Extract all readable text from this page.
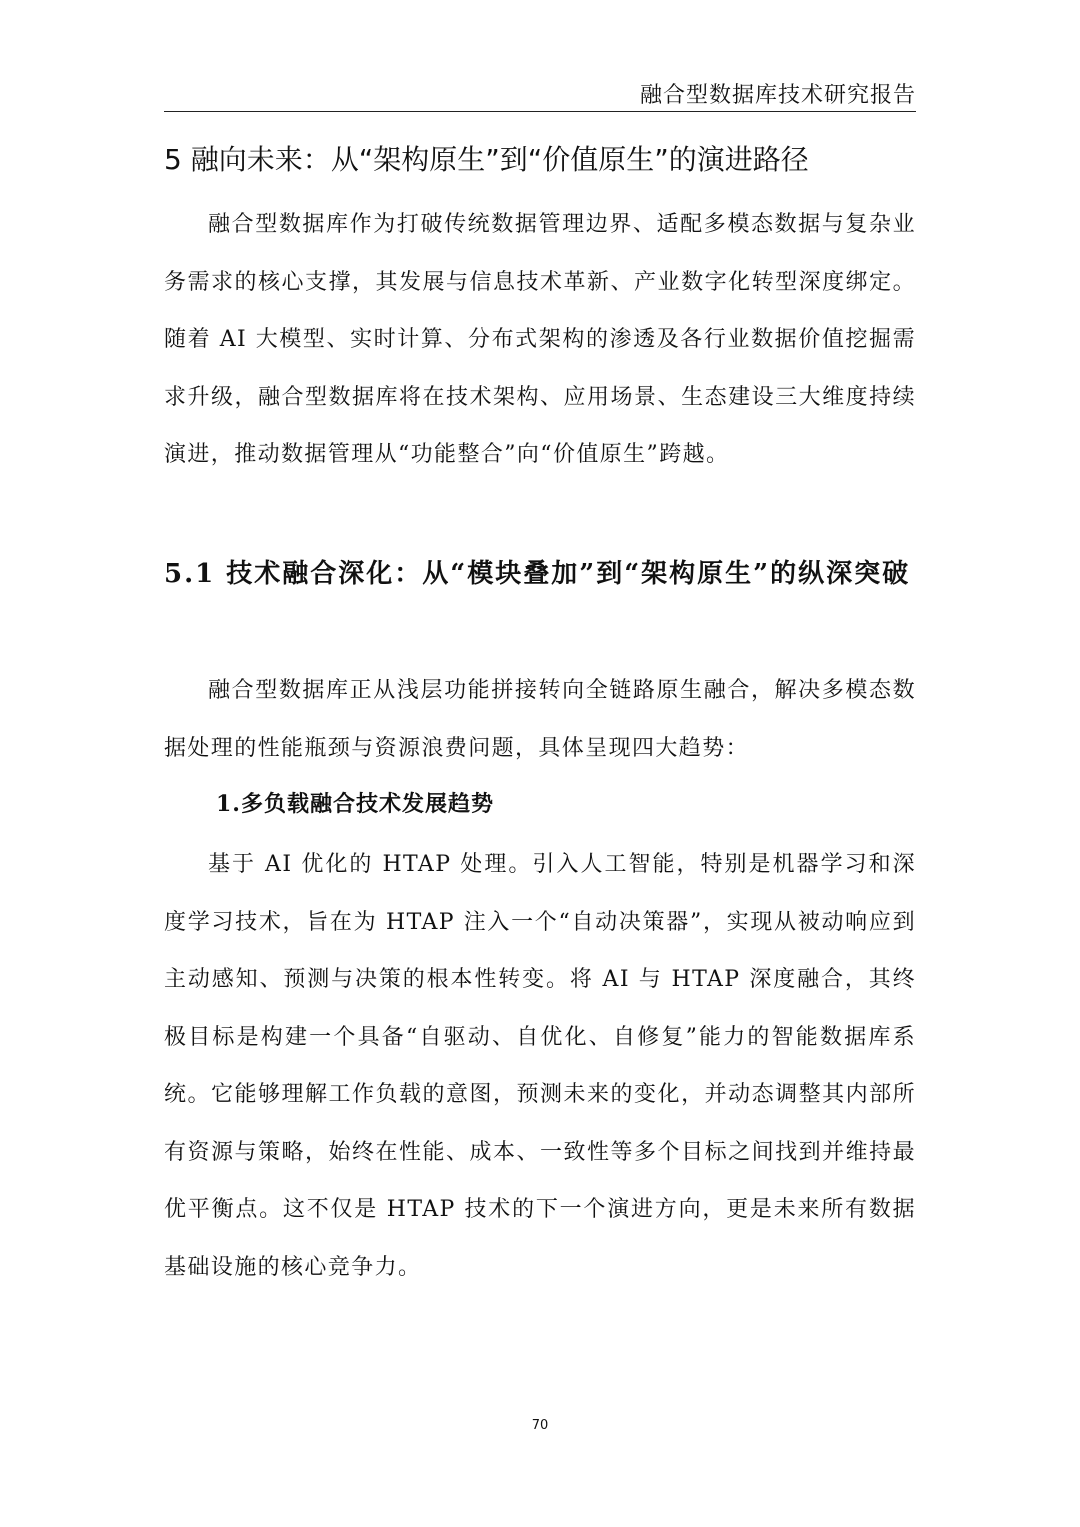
融合型数据库技术研究报告
5 融向未来：从“架构原生”到“价值原生”的演进路径

融合型数据库作为打破传统数据管理边界、适配多模态数据与复杂业务需求的核心支撑，其发展与信息技术革新、产业数字化转型深度绑定。随着 AI 大模型、实时计算、分布式架构的渗透及各行业数据价值挖掘需求升级，融合型数据库将在技术架构、应用场景、生态建设三大维度持续演进，推动数据管理从“功能整合”向“价值原生”跨越。

5.1 技术融合深化：从“模块叠加”到“架构原生”的纵深突破

融合型数据库正从浅层功能拼接转向全链路原生融合，解决多模态数据处理的性能瓶颈与资源浪费问题，具体呈现四大趋势：

1.多负载融合技术发展趋势

基于 AI 优化的 HTAP 处理。引入人工智能，特别是机器学习和深度学习技术，旨在为 HTAP 注入一个“自动决策器”，实现从被动响应到主动感知、预测与决策的根本性转变。将 AI 与 HTAP 深度融合，其终极目标是构建一个具备“自驱动、自优化、自修复”能力的智能数据库系统。它能够理解工作负载的意图，预测未来的变化，并动态调整其内部所有资源与策略，始终在性能、成本、一致性等多个目标之间找到并维持最优平衡点。这不仅是 HTAP 技术的下一个演进方向，更是未来所有数据基础设施的核心竞争力。

70
